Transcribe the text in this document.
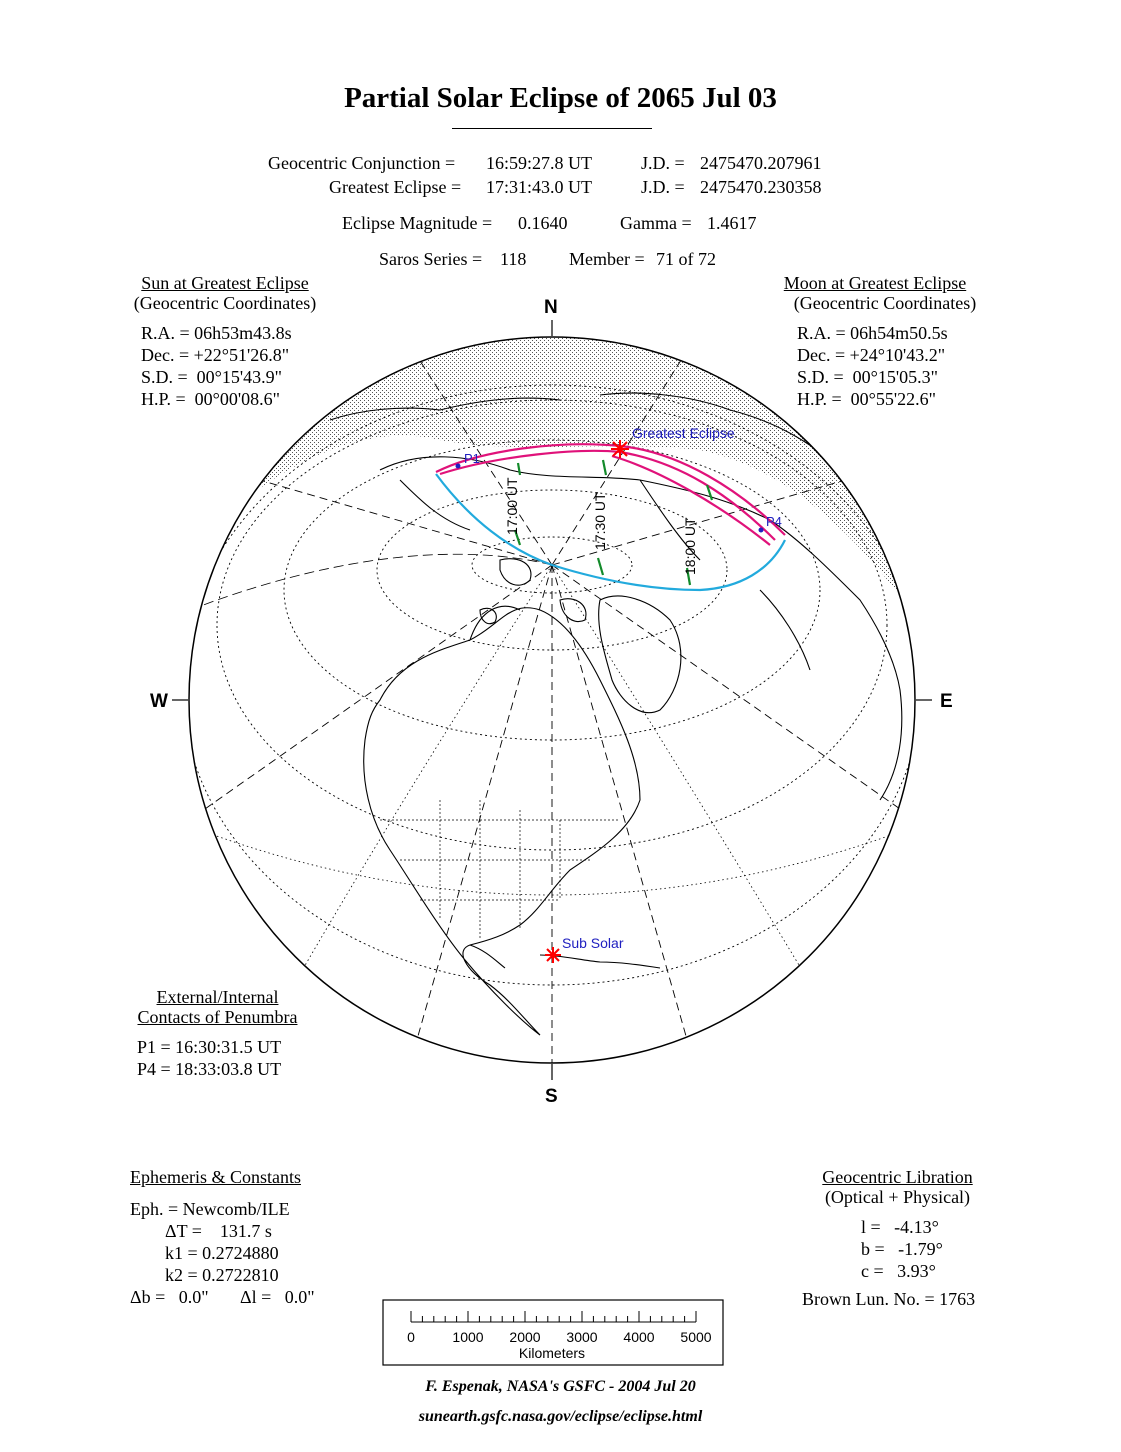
Partial Solar Eclipse of 2065 Jul 03
Geocentric Conjunction = 16:59:27.8 UT	J.D. = 2475470.207961
Greatest Eclipse = 17:31:43.0 UT	J.D. = 2475470.230358
Eclipse Magnitude = 0.1640	Gamma = 1.4617
Saros Series = 118 Member = 71 of 72
Sun at Greatest Eclipse
(Geocentric Coordinates)
R.A. = 06h53m43.8s
Dec. = +22°51'26.8"
S.D. =  00°15'43.9"
H.P. =  00°00'08.6"
Moon at Greatest Eclipse
(Geocentric Coordinates)
R.A. = 06h54m50.5s
Dec. = +24°10'43.2"
S.D. =  00°15'05.3"
H.P. =  00°55'22.6"
External/Internal
Contacts of Penumbra
P1 = 16:30:31.5 UT
P4 = 18:33:03.8 UT
Ephemeris & Constants
Eph. = Newcomb/ILE
ΔT =    131.7 s
k1 = 0.2724880
k2 = 0.2722810
Δb =   0.0" Δl =   0.0"
Geocentric Libration
(Optical + Physical)
l =   -4.13°
b =   -1.79°
c =   3.93°
Brown Lun. No. = 1763
N
S
W	E
17:00 UT	17:30 UT	18:00 UT
Greatest Eclipse
Sub Solar
P1
P4
0	1000 2000 3000 4000 5000
Kilometers
F. Espenak, NASA's GSFC - 2004 Jul 20
sunearth.gsfc.nasa.gov/eclipse/eclipse.html
